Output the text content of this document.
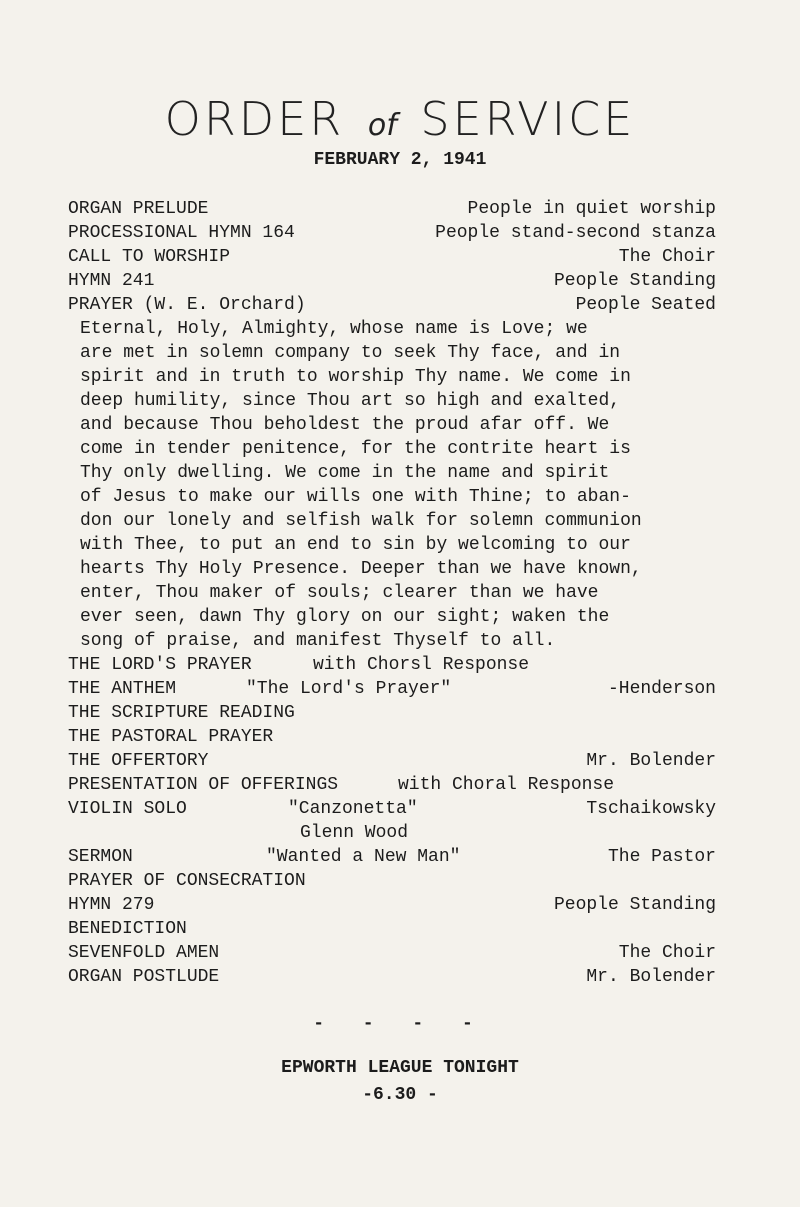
ORDER of SERVICE
FEBRUARY 2, 1941
ORGAN PRELUDE	People in quiet worship
PROCESSIONAL HYMN 164	People stand-second stanza
CALL TO WORSHIP	The Choir
HYMN 241	People Standing
PRAYER (W. E. Orchard)	People Seated
Eternal, Holy, Almighty, whose name is Love; we
are met in solemn company to seek Thy face, and in
spirit and in truth to worship Thy name. We come in
deep humility, since Thou art so high and exalted,
and because Thou beholdest the proud afar off. We
come in tender penitence, for the contrite heart is
Thy only dwelling. We come in the name and spirit
of Jesus to make our wills one with Thine; to aban-
don our lonely and selfish walk for solemn communion
with Thee, to put an end to sin by welcoming to our
hearts Thy Holy Presence. Deeper than we have known,
enter, Thou maker of souls; clearer than we have
ever seen, dawn Thy glory on our sight; waken the
song of praise, and manifest Thyself to all.
THE LORD'S PRAYER	with Chorsl Response
THE ANTHEM	"The Lord's Prayer"	-Henderson
THE SCRIPTURE READING
THE PASTORAL PRAYER
THE OFFERTORY	Mr. Bolender
PRESENTATION OF OFFERINGS	with Choral Response
VIOLIN SOLO	"Canzonetta"	Tschaikowsky
Glenn Wood
SERMON	"Wanted a New Man"	The Pastor
PRAYER OF CONSECRATION
HYMN 279	People Standing
BENEDICTION
SEVENFOLD AMEN	The Choir
ORGAN POSTLUDE	Mr. Bolender
- - - -
EPWORTH LEAGUE TONIGHT
-6.30 -
